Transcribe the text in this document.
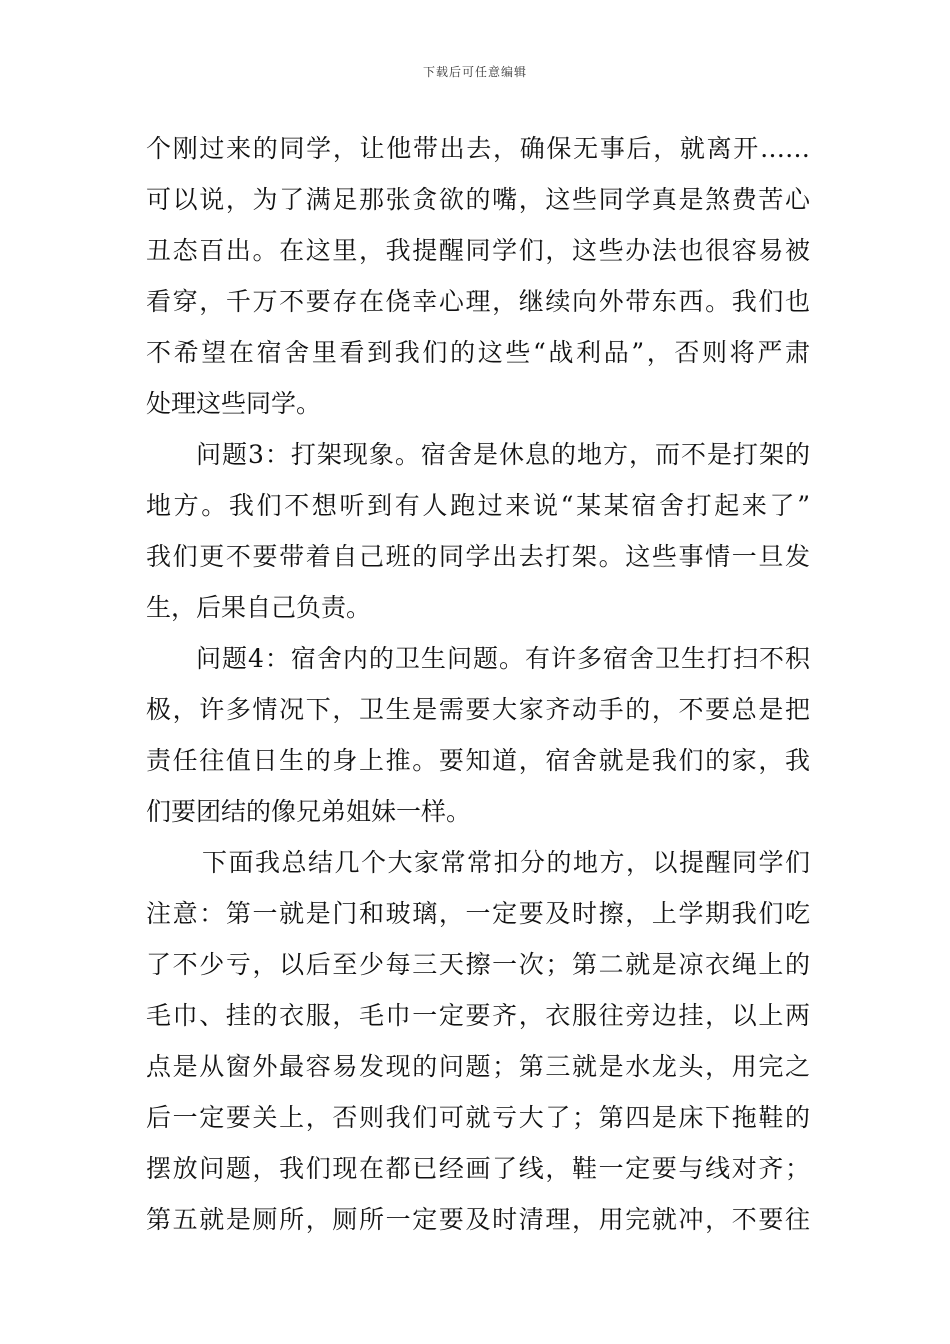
下载后可任意编辑
个刚过来的同学，让他带出去，确保无事后，就离开……
可以说，为了满足那张贪欲的嘴，这些同学真是煞费苦心
丑态百出。在这里，我提醒同学们，这些办法也很容易被
看穿，千万不要存在侥幸心理，继续向外带东西。我们也
不希望在宿舍里看到我们的这些“战利品”，否则将严肃
处理这些同学。
问题3：打架现象。宿舍是休息的地方，而不是打架的
地方。我们不想听到有人跑过来说“某某宿舍打起来了”
我们更不要带着自己班的同学出去打架。这些事情一旦发
生，后果自己负责。
问题4：宿舍内的卫生问题。有许多宿舍卫生打扫不积
极，许多情况下，卫生是需要大家齐动手的，不要总是把
责任往值日生的身上推。要知道，宿舍就是我们的家，我
们要团结的像兄弟姐妹一样。
下面我总结几个大家常常扣分的地方，以提醒同学们
注意：第一就是门和玻璃，一定要及时擦，上学期我们吃
了不少亏，以后至少每三天擦一次；第二就是凉衣绳上的
毛巾、挂的衣服，毛巾一定要齐，衣服往旁边挂，以上两
点是从窗外最容易发现的问题；第三就是水龙头，用完之
后一定要关上，否则我们可就亏大了；第四是床下拖鞋的
摆放问题，我们现在都已经画了线，鞋一定要与线对齐；
第五就是厕所，厕所一定要及时清理，用完就冲，不要往
